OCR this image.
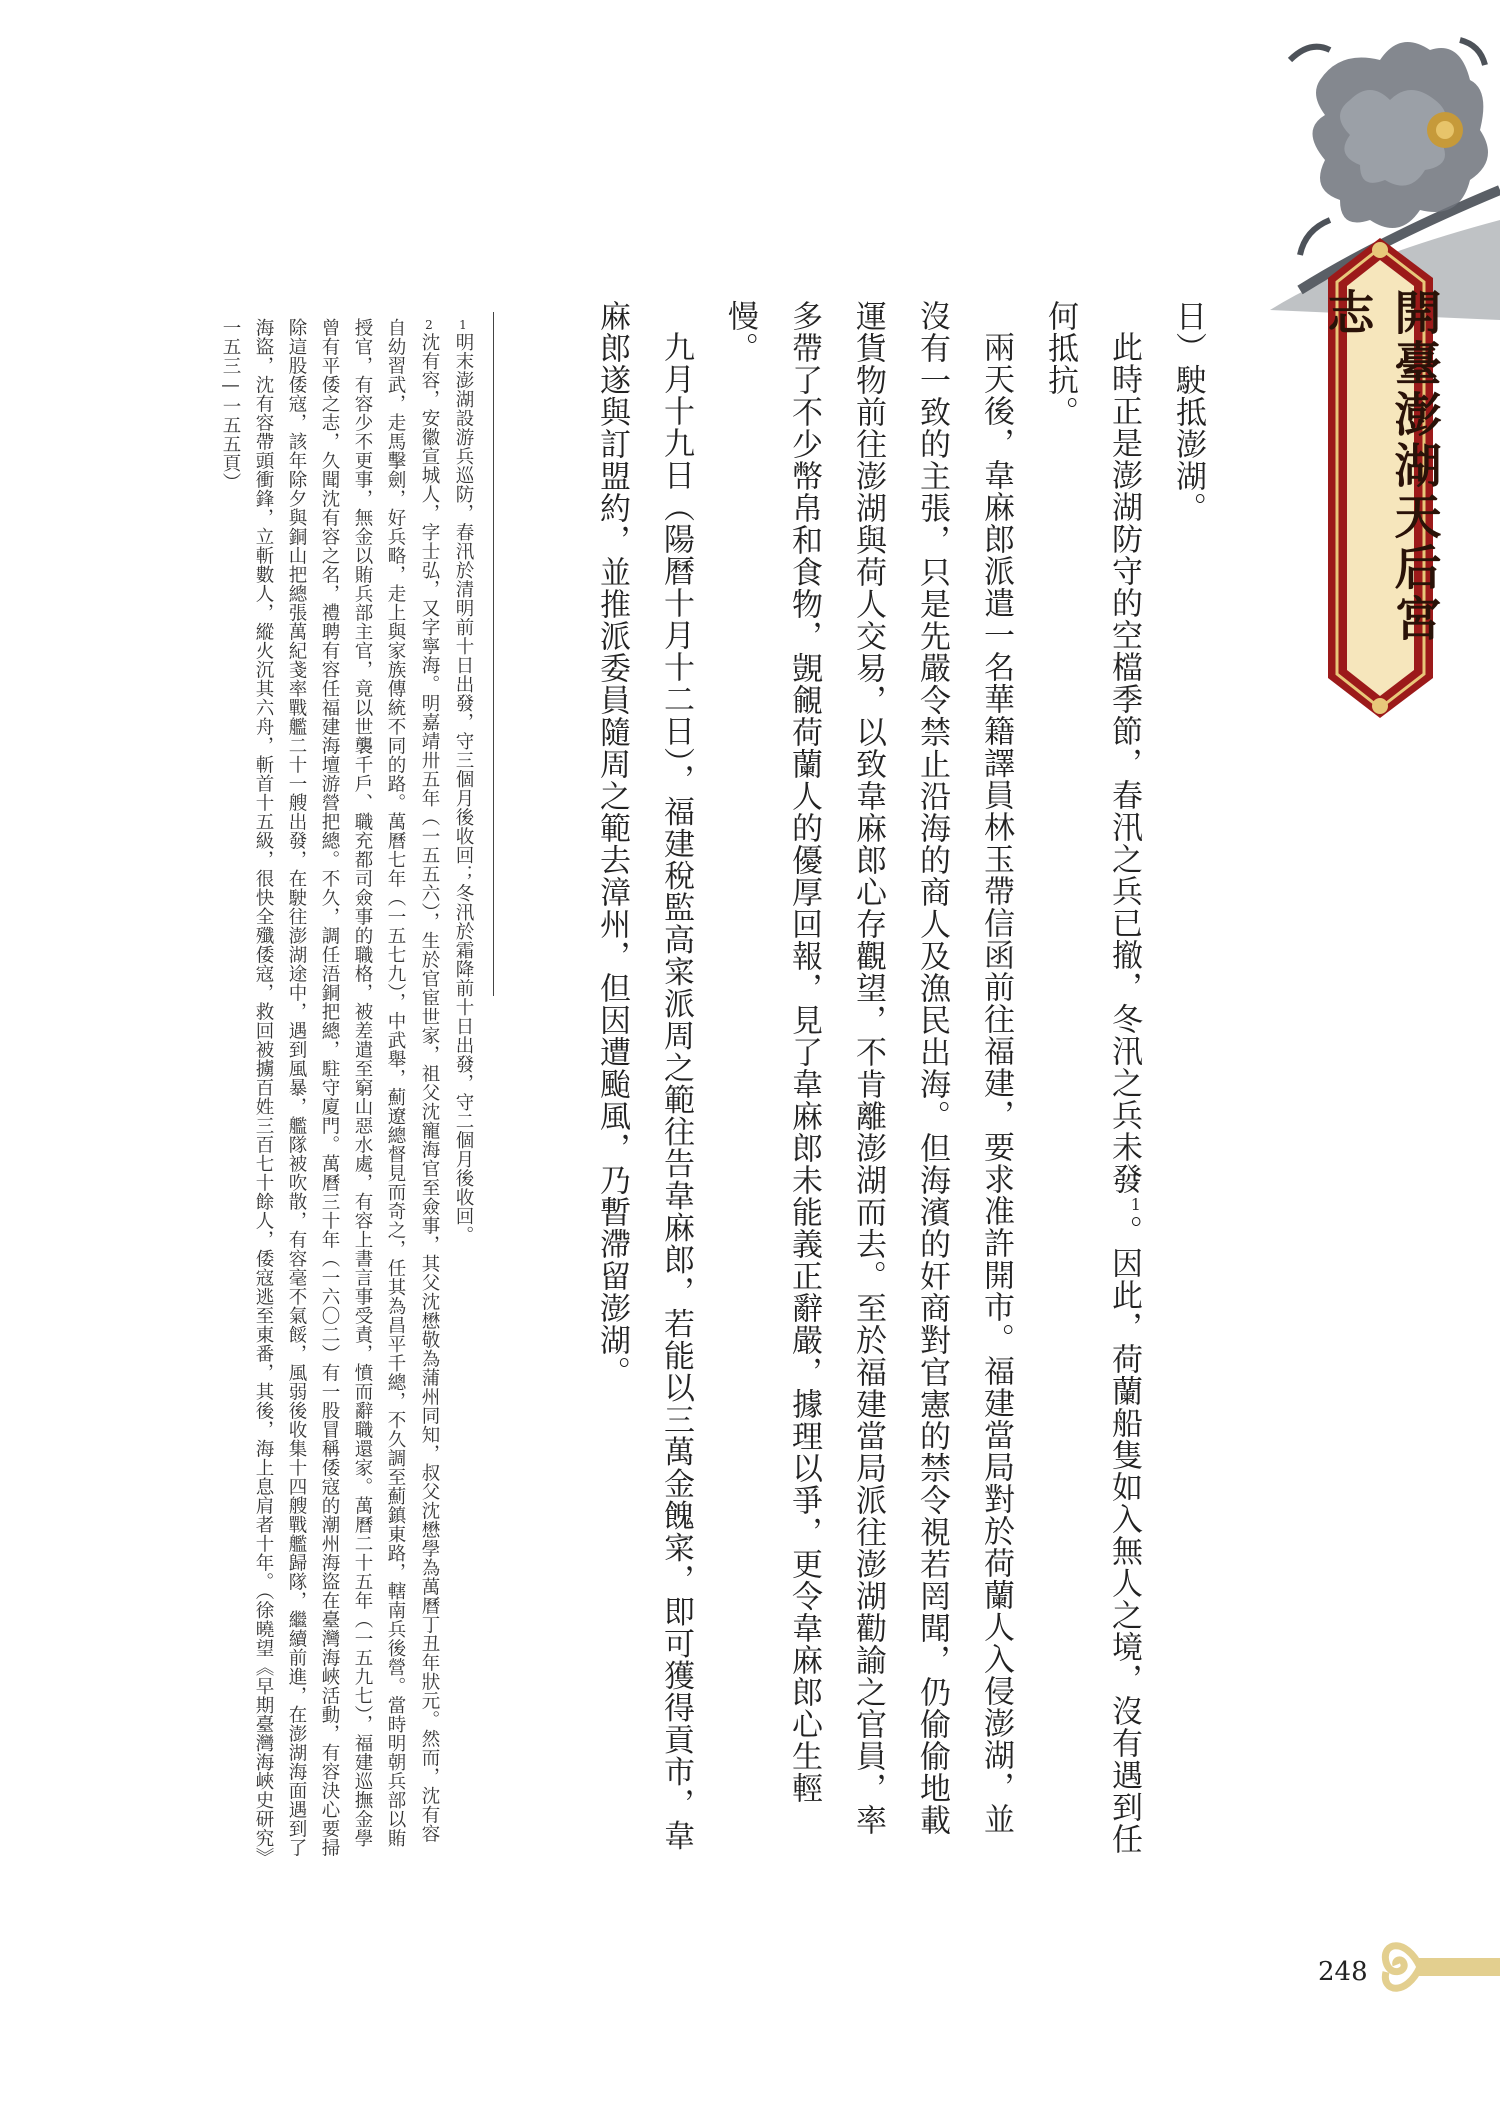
開臺澎湖天后宮志

日）駛抵澎湖。

此時正是澎湖防守的空檔季節，春汛之兵已撤，冬汛之兵未發$^1$。因此，荷蘭船隻如入無人之境，沒有遇到任何抵抗。

兩天後，韋麻郎派遣一名華籍譯員林玉帶信函前往福建，要求准許開市。福建當局對於荷蘭人入侵澎湖，並沒有一致的主張，只是先嚴令禁止沿海的商人及漁民出海。但海濱的奸商對官憲的禁令視若罔聞，仍偷偷地載運貨物前往澎湖與荷人交易，以致韋麻郎心存觀望，不肯離澎湖而去。至於福建當局派往澎湖勸諭之官員，率多帶了不少幣帛和食物，覬覦荷蘭人的優厚回報，見了韋麻郎未能義正辭嚴，據理以爭，更令韋麻郎心生輕慢。

九月十九日（陽曆十月十二日），福建稅監高寀派周之範往告韋麻郎，若能以三萬金餽寀，即可獲得貢市，韋麻郎遂與訂盟約，並推派委員隨周之範去漳州，但因遭颱風，乃暫滯留澎湖。

1明末澎湖設游兵巡防，春汛於清明前十日出發，守三個月後收回；冬汛於霜降前十日出發，守二個月後收回。

2沈有容，安徽宣城人，字士弘，又字寧海。明嘉靖卅五年（一五五六），生於官宦世家，祖父沈寵海官至僉事，其父沈懋敬為蒲州同知，叔父沈懋學為萬曆丁丑年狀元。然而，沈有容自幼習武，走馬擊劍，好兵略，走上與家族傳統不同的路。萬曆七年（一五七九），中武舉，薊遼總督見而奇之，任其為昌平千總，不久調至薊鎮東路，轄南兵後營。當時明朝兵部以賄授官，有容少不更事，無金以賄兵部主官，竟以世襲千戶、職充都司僉事的職格，被差遣至窮山惡水處，有容上書言事受責，憤而辭職還家。萬曆二十五年（一五九七），福建巡撫金學曾有平倭之志，久聞沈有容之名，禮聘有容任福建海壇游營把總。不久，調任浯銅把總，駐守廈門。萬曆三十年（一六〇二）有一股冒稱倭寇的潮州海盜在臺灣海峽活動，有容決心要掃除這股倭寇，該年除夕與銅山把總張萬紀戔率戰艦二十一艘出發，在駛往澎湖途中，遇到風暴，艦隊被吹散，有容毫不氣餒，風弱後收集十四艘戰艦歸隊，繼續前進，在澎湖海面遇到了海盜，沈有容帶頭衝鋒，立斬數人，縱火沉其六舟，斬首十五級，很快全殲倭寇，救回被擄百姓三百七十餘人，倭寇逃至東番，其後，海上息肩者十年。（徐曉望《早期臺灣海峽史研究》一五三—一五五頁）

248
